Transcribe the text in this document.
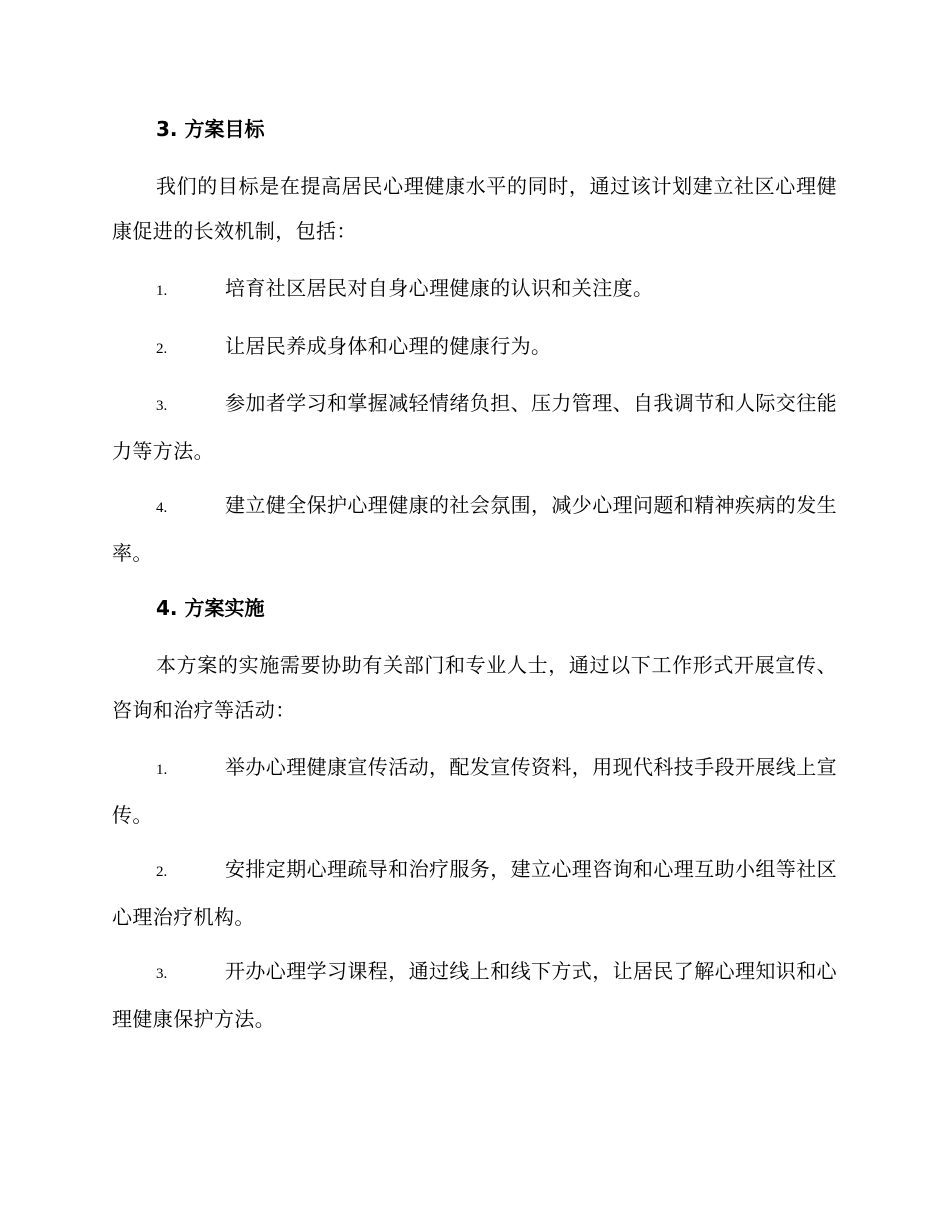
3. 方案目标
我们的目标是在提高居民心理健康水平的同时，通过该计划建立社区心理健康促进的长效机制，包括：
1.	培育社区居民对自身心理健康的认识和关注度。
2.	让居民养成身体和心理的健康行为。
3.	参加者学习和掌握减轻情绪负担、压力管理、自我调节和人际交往能力等方法。
4.	建立健全保护心理健康的社会氛围，减少心理问题和精神疾病的发生率。
4. 方案实施
本方案的实施需要协助有关部门和专业人士，通过以下工作形式开展宣传、咨询和治疗等活动：
1.	举办心理健康宣传活动，配发宣传资料，用现代科技手段开展线上宣传。
2.	安排定期心理疏导和治疗服务，建立心理咨询和心理互助小组等社区心理治疗机构。
3.	开办心理学习课程，通过线上和线下方式，让居民了解心理知识和心理健康保护方法。
